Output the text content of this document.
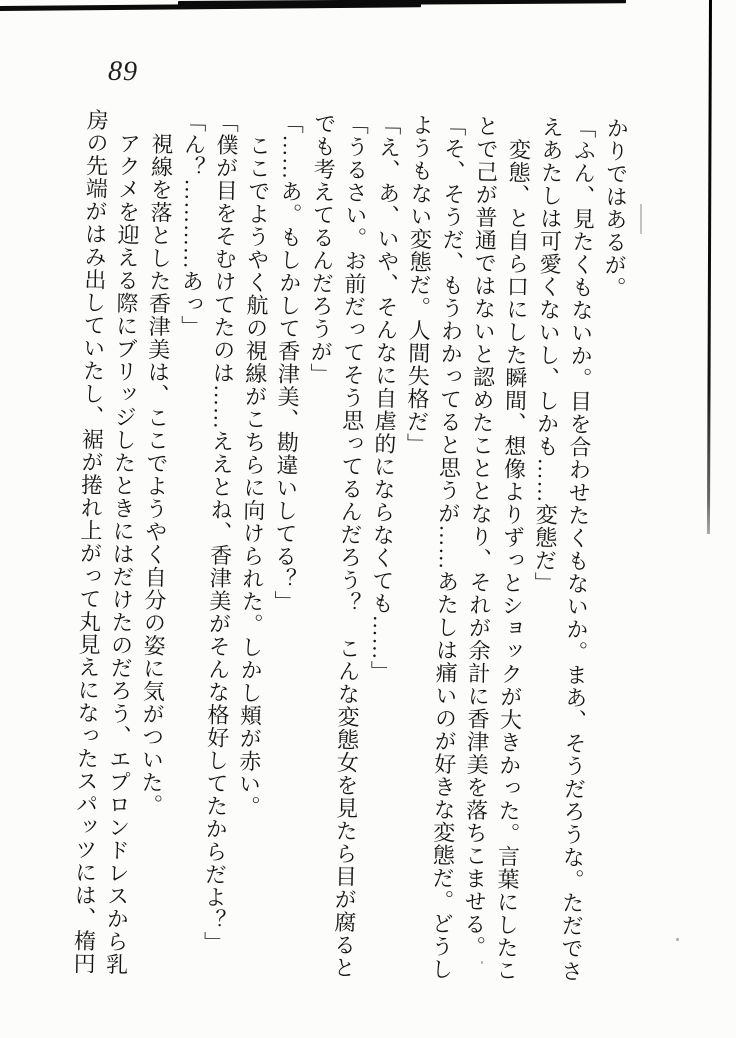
89

かりではあるが。

「ふん、見たくもないか。目を合わせたくもないか。まあ、そうだろうな。ただでさ

えあたしは可愛くないし、しかも……変態だ」

変態、と自ら口にした瞬間、想像よりずっとショックが大きかった。言葉にしたこ

とで己が普通ではないと認めたこととなり、それが余計に香津美を落ちこませる。

「そ、そうだ、もうわかってると思うが……あたしは痛いのが好きな変態だ。どうし

ようもない変態だ。人間失格だ」

「え、あ、いや、そんなに自虐的にならなくても……」

「うるさい。お前だってそう思ってるんだろう？　こんな変態女を見たら目が腐ると

でも考えてるんだろうが」

「……あ。もしかして香津美、勘違いしてる？」

ここでようやく航の視線がこちらに向けられた。しかし頬が赤い。

「僕が目をそむけてたのは……ええとね、香津美がそんな格好してたからだよ？」

「ん？…………あっ」

視線を落とした香津美は、ここでようやく自分の姿に気がついた。

アクメを迎える際にブリッジしたときにはだけたのだろう、エプロンドレスから乳

房の先端がはみ出していたし、裾が捲れ上がって丸見えになったスパッツには、楕円
